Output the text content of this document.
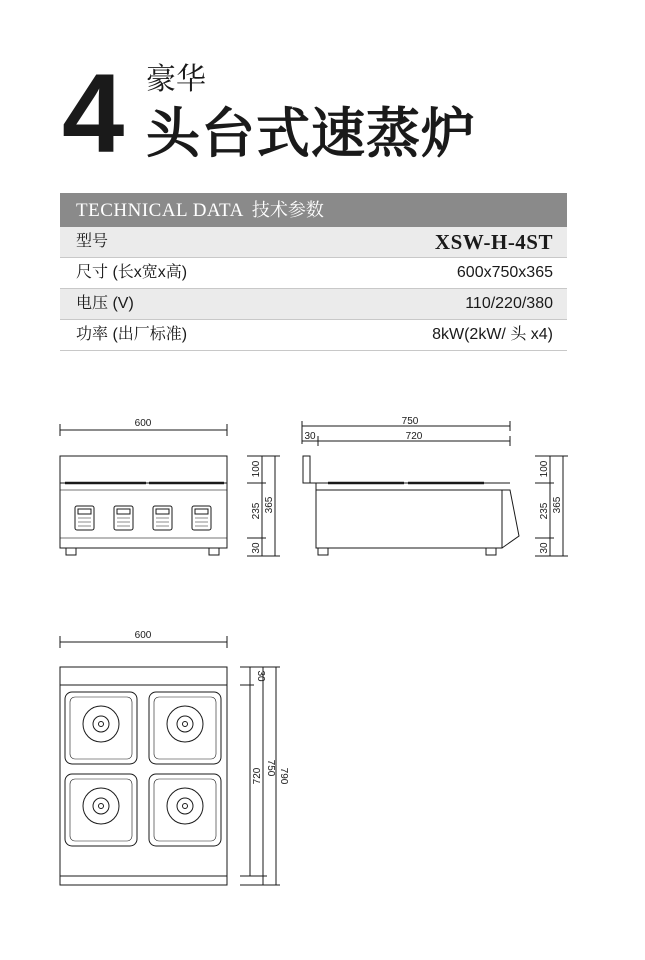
4 豪华
头台式速蒸炉
TECHNICAL DATA 技术参数
型号	XSW-H-4ST
尺寸 (长x宽x高)	600x750x365
电压 (V)	110/220/380
功率 (出厂标准)	8kW(2kW/ 头 x4)
600
100
235
30
365
750
30	720
100
235
30
365
600
30
720 750 790
